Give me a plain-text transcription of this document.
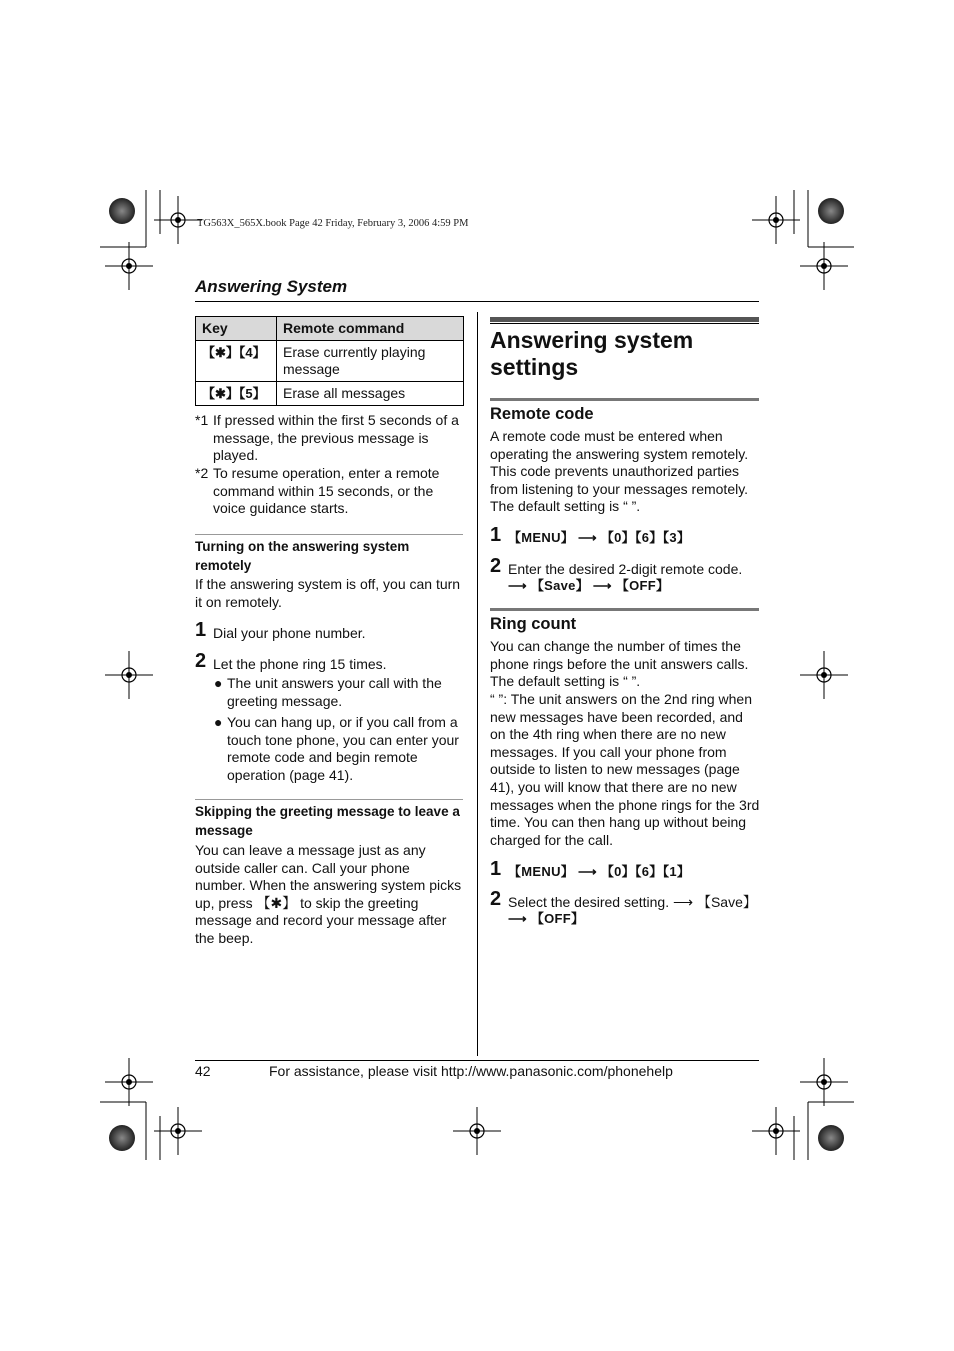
TG563X_565X.book Page 42 Friday, February 3, 2006 4:59 PM
Answering System
Key	Remote command
【✱】【4】	Erase currently playing message
【✱】【5】	Erase all messages
*1 If pressed within the first 5 seconds of a message, the previous message is played.
*2 To resume operation, enter a remote command within 15 seconds, or the voice guidance starts.
Turning on the answering system remotely
If the answering system is off, you can turn it on remotely.
1 Dial your phone number.
2 Let the phone ring 15 times.
● The unit answers your call with the greeting message.
● You can hang up, or if you call from a touch tone phone, you can enter your remote code and begin remote operation (page 41).
Skipping the greeting message to leave a message
You can leave a message just as any outside caller can. Call your phone number. When the answering system picks up, press 【✱】 to skip the greeting message and record your message after the beep.
Answering system
settings
Remote code
A remote code must be entered when operating the answering system remotely. This code prevents unauthorized parties from listening to your messages remotely. The default setting is “ ”.
1 【MENU】 ⟶ 【0】【6】【3】
2 Enter the desired 2-digit remote code.
⟶ 【Save】 ⟶ 【OFF】
Ring count
You can change the number of times the phone rings before the unit answers calls. The default setting is “ ”.
“ ”: The unit answers on the 2nd ring when new messages have been recorded, and on the 4th ring when there are no new messages. If you call your phone from outside to listen to new messages (page 41), you will know that there are no new messages when the phone rings for the 3rd time. You can then hang up without being charged for the call.
1 【MENU】 ⟶ 【0】【6】【1】
2 Select the desired setting. ⟶ 【Save】
⟶ 【OFF】
42	For assistance, please visit http://www.panasonic.com/phonehelp
